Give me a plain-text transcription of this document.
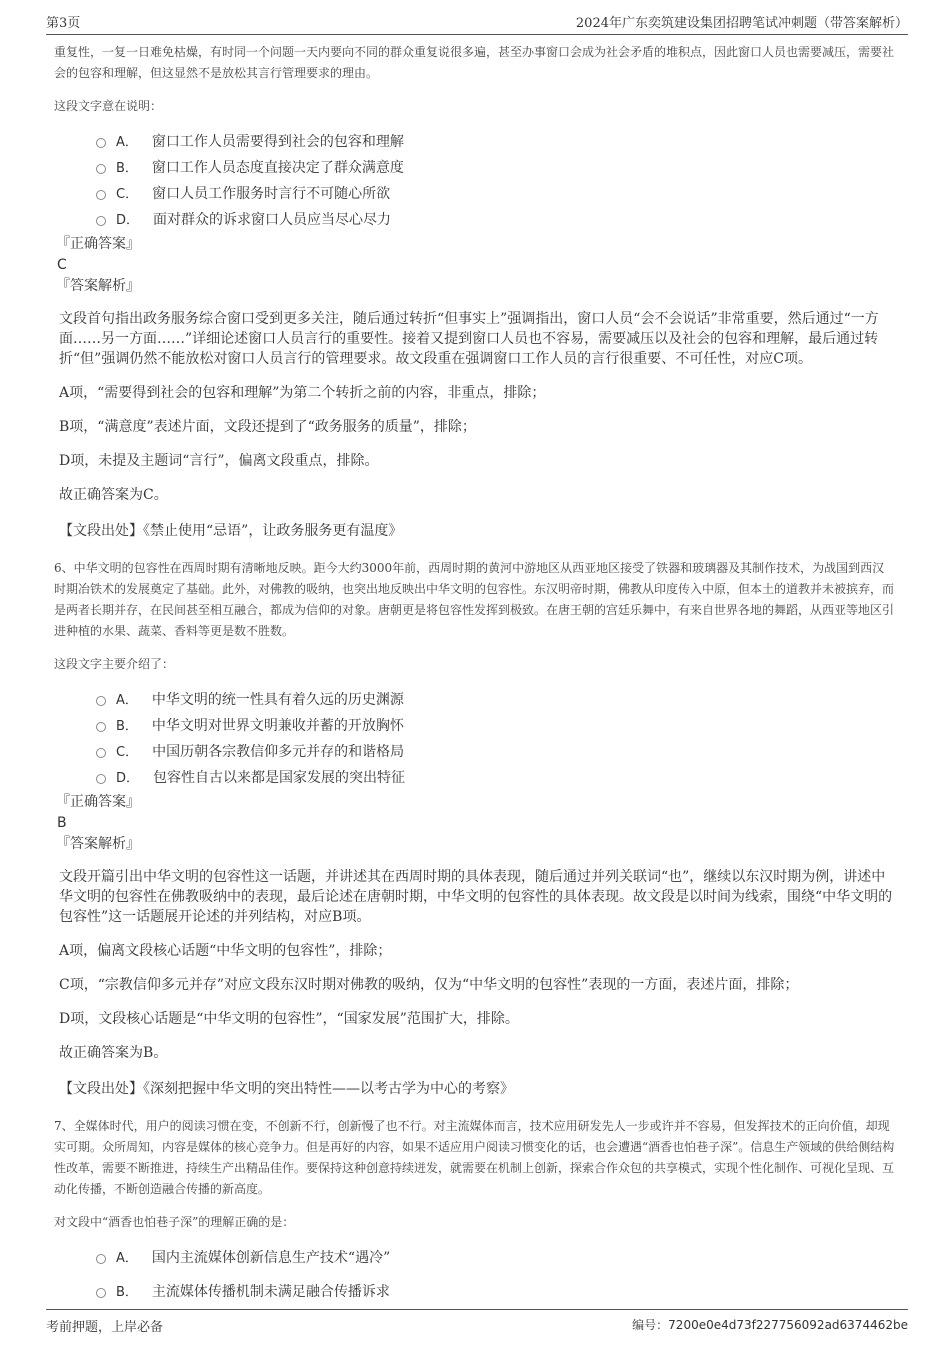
第3页	2024年广东奕筑建设集团招聘笔试冲刺题（带答案解析）

重复性，一复一日难免枯燥，有时同一个问题一天内要向不同的群众重复说很多遍，甚至办事窗口会成为社会矛盾的堆积点，因此窗口人员也需要减压，需要社会的包容和理解，但这显然不是放松其言行管理要求的理由。

这段文字意在说明：

A． 窗口工作人员需要得到社会的包容和理解
B． 窗口工作人员态度直接决定了群众满意度
C． 窗口人员工作服务时言行不可随心所欲
D． 面对群众的诉求窗口人员应当尽心尽力

『正确答案』

C

『答案解析』

文段首句指出政务服务综合窗口受到更多关注，随后通过转折“但事实上”强调指出，窗口人员“会不会说话”非常重要，然后通过“一方面……另一方面……”详细论述窗口人员言行的重要性。接着又提到窗口人员也不容易，需要减压以及社会的包容和理解，最后通过转折“但”强调仍然不能放松对窗口人员言行的管理要求。故文段重在强调窗口工作人员的言行很重要、不可任性，对应C项。

A项，“需要得到社会的包容和理解”为第二个转折之前的内容，非重点，排除；

B项，“满意度”表述片面，文段还提到了“政务服务的质量”，排除；

D项，未提及主题词“言行”，偏离文段重点，排除。

故正确答案为C。

【文段出处】《禁止使用“忌语”，让政务服务更有温度》

6、中华文明的包容性在西周时期有清晰地反映。距今大约3000年前，西周时期的黄河中游地区从西亚地区接受了铁器和玻璃器及其制作技术，为战国到西汉时期冶铁术的发展奠定了基础。此外，对佛教的吸纳，也突出地反映出中华文明的包容性。东汉明帝时期，佛教从印度传入中原，但本土的道教并未被摈弃，而是两者长期并存，在民间甚至相互融合，都成为信仰的对象。唐朝更是将包容性发挥到极致。在唐王朝的宫廷乐舞中，有来自世界各地的舞蹈，从西亚等地区引进种植的水果、蔬菜、香料等更是数不胜数。

这段文字主要介绍了：

A． 中华文明的统一性具有着久远的历史渊源
B． 中华文明对世界文明兼收并蓄的开放胸怀
C． 中国历朝各宗教信仰多元并存的和谐格局
D． 包容性自古以来都是国家发展的突出特征

『正确答案』

B

『答案解析』

文段开篇引出中华文明的包容性这一话题，并讲述其在西周时期的具体表现，随后通过并列关联词“也”，继续以东汉时期为例，讲述中华文明的包容性在佛教吸纳中的表现，最后论述在唐朝时期，中华文明的包容性的具体表现。故文段是以时间为线索，围绕“中华文明的包容性”这一话题展开论述的并列结构，对应B项。

A项，偏离文段核心话题“中华文明的包容性”，排除；

C项，“宗教信仰多元并存”对应文段东汉时期对佛教的吸纳，仅为“中华文明的包容性”表现的一方面，表述片面，排除；

D项，文段核心话题是“中华文明的包容性”，“国家发展”范围扩大，排除。

故正确答案为B。

【文段出处】《深刻把握中华文明的突出特性——以考古学为中心的考察》

7、全媒体时代，用户的阅读习惯在变，不创新不行，创新慢了也不行。对主流媒体而言，技术应用研发先人一步或许并不容易，但发挥技术的正向价值，却现实可期。众所周知，内容是媒体的核心竞争力。但是再好的内容，如果不适应用户阅读习惯变化的话，也会遭遇“酒香也怕巷子深”。信息生产领域的供给侧结构性改革，需要不断推进，持续生产出精品佳作。要保持这种创意持续迸发，就需要在机制上创新，探索合作众包的共享模式，实现个性化制作、可视化呈现、互动化传播，不断创造融合传播的新高度。

对文段中“酒香也怕巷子深”的理解正确的是：

A． 国内主流媒体创新信息生产技术“遇冷”
B． 主流媒体传播机制未满足融合传播诉求
考前押题，上岸必备	编号：7200e0e4d73f227756092ad6374462be
